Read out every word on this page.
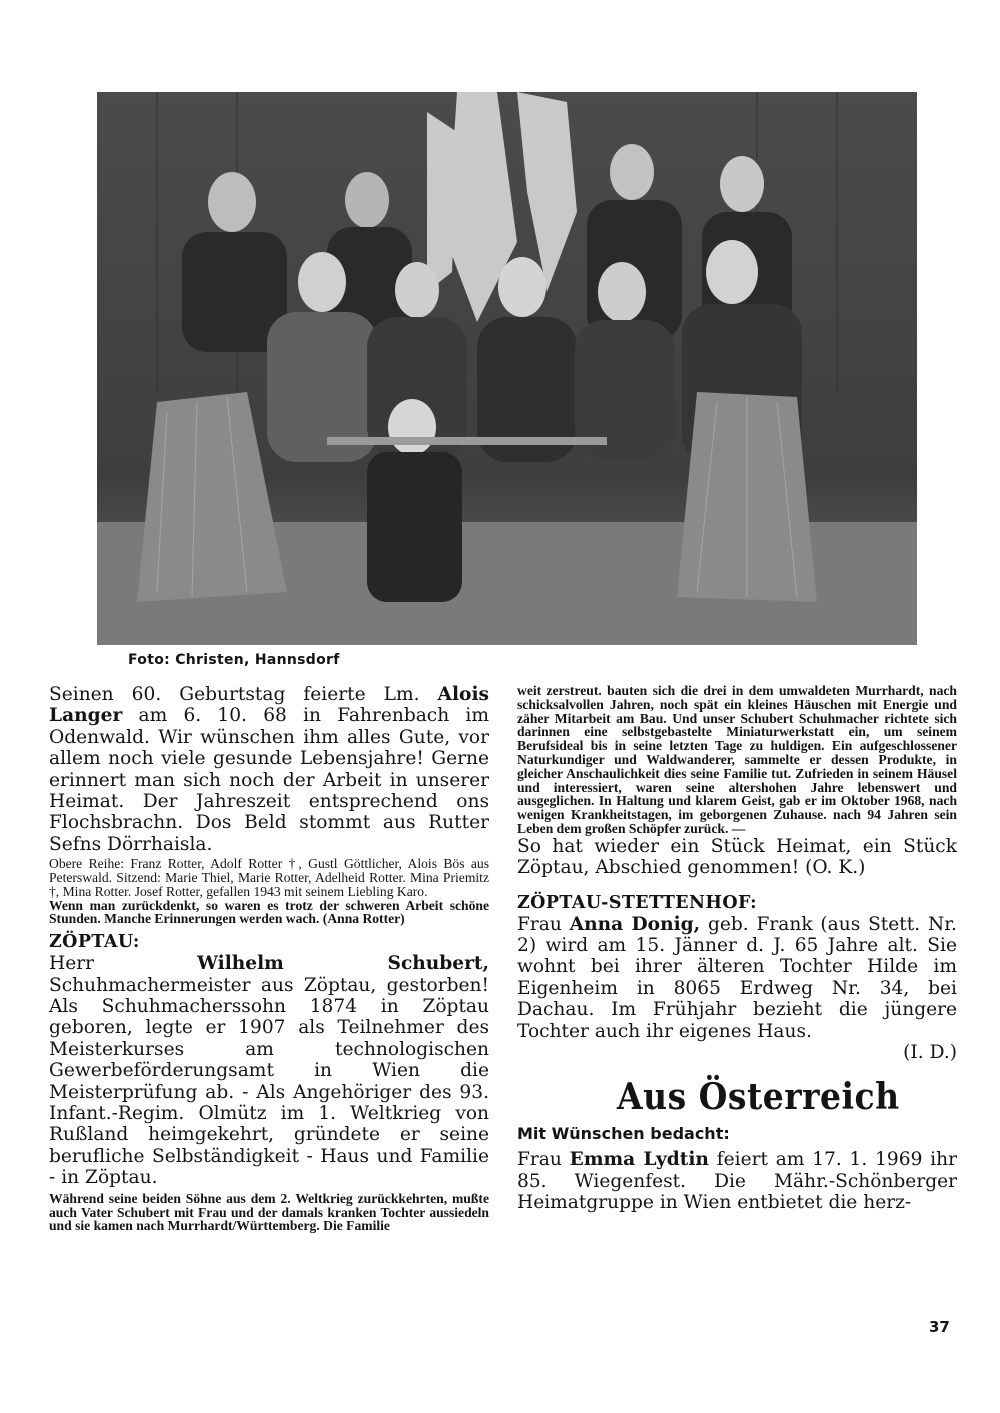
Foto: Christen, Hannsdorf

Seinen 60. Geburtstag feierte Lm. Alois Langer am 6. 10. 68 in Fahrenbach im Odenwald. Wir wünschen ihm alles Gute, vor allem noch viele gesunde Lebensjahre! Gerne erinnert man sich noch der Arbeit in unserer Heimat. Der Jahreszeit entsprechend ons Flochsbrachn. Dos Beld stommt aus Rutter Sefns Dörrhaisla.

Obere Reihe: Franz Rotter, Adolf Rotter †, Gustl Göttlicher, Alois Bös aus Peterswald. Sitzend: Marie Thiel, Marie Rotter, Adelheid Rotter. Mina Priemitz †, Mina Rotter. Josef Rotter, gefallen 1943 mit seinem Liebling Karo.

Wenn man zurückdenkt, so waren es trotz der schweren Arbeit schöne Stunden. Manche Erinnerungen werden wach. (Anna Rotter)

ZÖPTAU:

Herr	Wilhelm Schubert, Schuhmachermeister aus Zöptau, gestorben! Als Schuhmacherssohn 1874 in Zöptau geboren, legte er 1907 als Teilnehmer des Meisterkurses am technologischen Gewerbeförderungsamt in Wien die Meisterprüfung ab. - Als Angehöriger des 93. Infant.-Regim. Olmütz im 1. Weltkrieg von Rußland heimgekehrt, gründete er seine berufliche Selbständigkeit - Haus und Familie - in Zöptau.

Während seine beiden Söhne aus dem 2. Weltkrieg zurückkehrten, mußte auch Vater Schubert mit Frau und der damals kranken Tochter aussiedeln und sie kamen nach Murrhardt/Württemberg. Die Familie

weit zerstreut. bauten sich die drei in dem umwaldeten Murrhardt, nach schicksalvollen Jahren, noch spät ein kleines Häuschen mit Energie und zäher Mitarbeit am Bau. Und unser Schubert Schuhmacher richtete sich darinnen eine selbstgebastelte Miniaturwerkstatt ein, um seinem Berufsideal bis in seine letzten Tage zu huldigen. Ein aufgeschlossener Naturkundiger und Waldwanderer, sammelte er dessen Produkte, in gleicher Anschaulichkeit dies seine Familie tut. Zufrieden in seinem Häusel und interessiert, waren seine altershohen Jahre lebenswert und ausgeglichen. In Haltung und klarem Geist, gab er im Oktober 1968, nach wenigen Krankheitstagen, im geborgenen Zuhause. nach 94 Jahren sein Leben dem großen Schöpfer zurück. —

So hat wieder ein Stück Heimat, ein Stück Zöptau, Abschied genommen! (O. K.)

ZÖPTAU-STETTENHOF:

Frau Anna Donig, geb. Frank (aus Stett. Nr. 2) wird am 15. Jänner d. J. 65 Jahre alt. Sie wohnt bei ihrer älteren Tochter Hilde im Eigenheim in 8065 Erdweg Nr. 34, bei Dachau. Im Frühjahr bezieht die jüngere Tochter auch ihr eigenes Haus.

(I. D.)

Aus Österreich
Mit Wünschen bedacht:

Frau Emma Lydtin feiert am 17. 1. 1969 ihr 85. Wiegenfest. Die Mähr.-Schönberger Heimatgruppe in Wien entbietet die herz-

37
